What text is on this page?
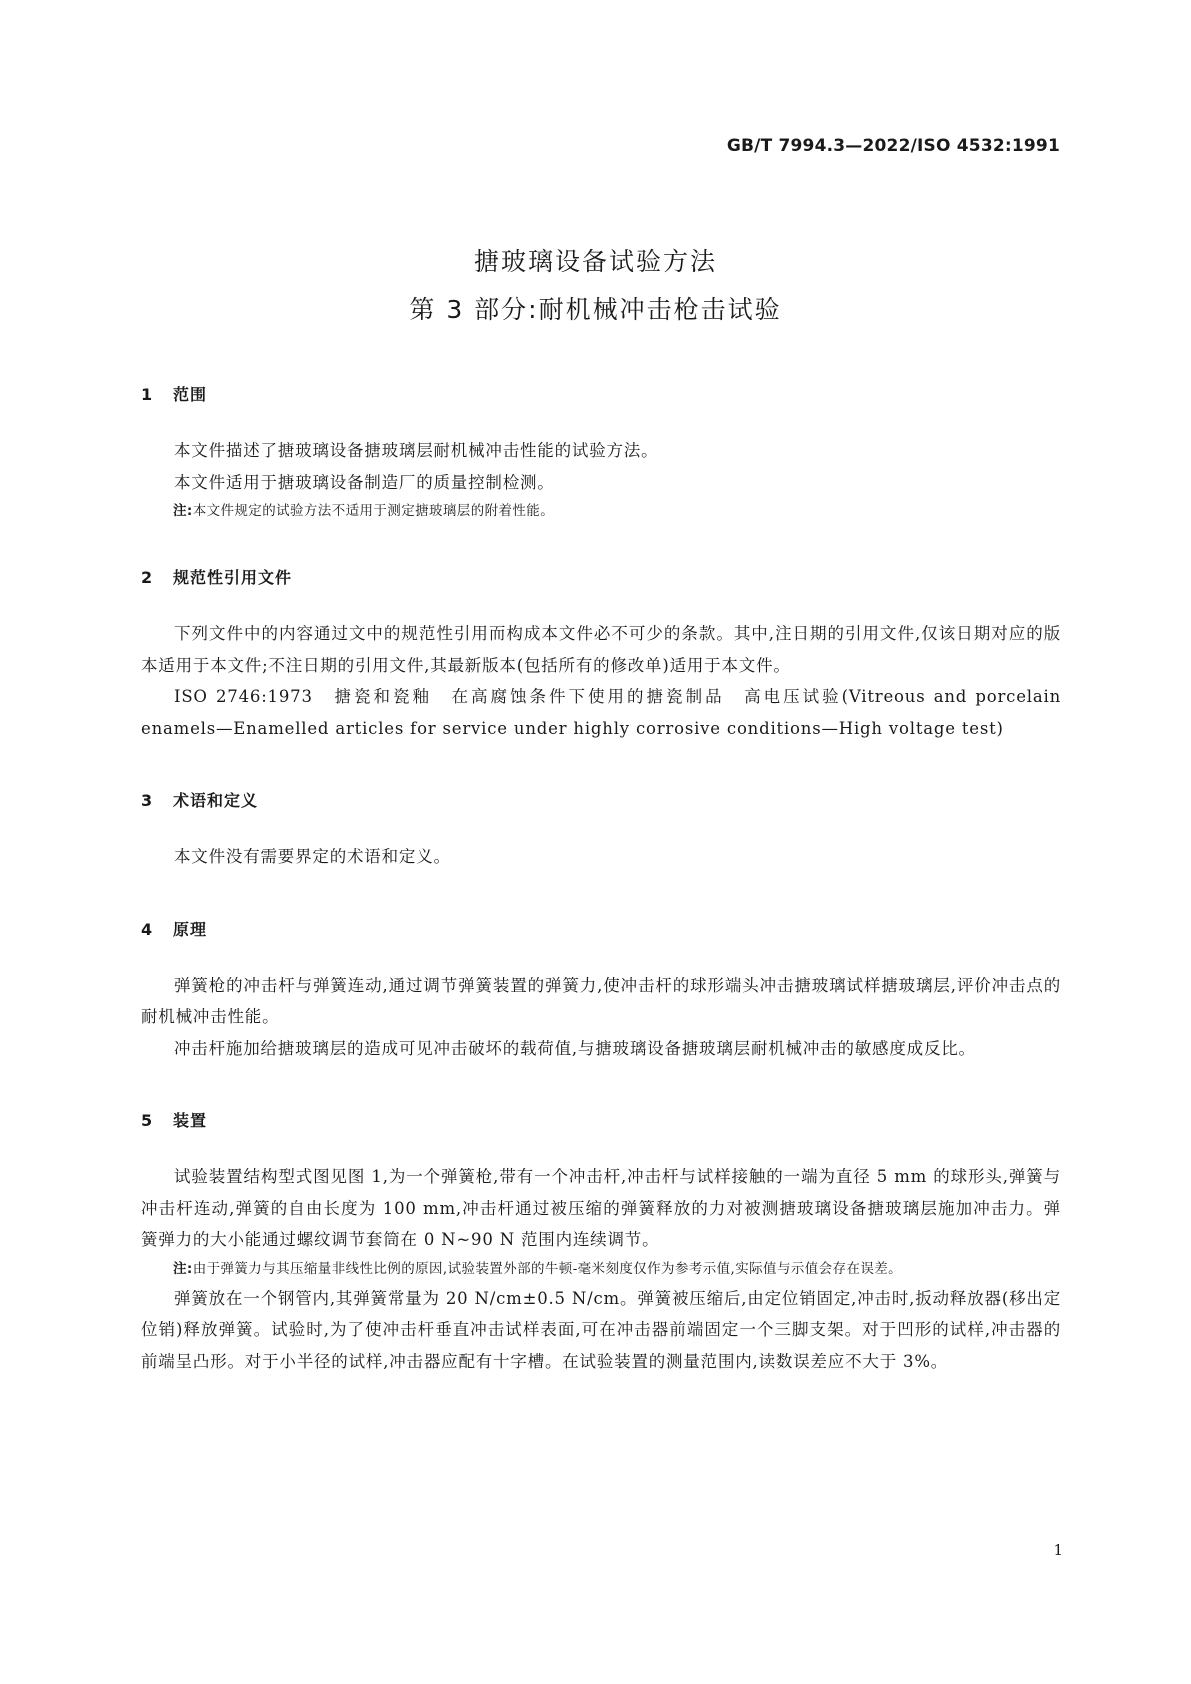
GB/T 7994.3—2022/ISO 4532:1991
搪玻璃设备试验方法
第 3 部分:耐机械冲击枪击试验
1 范围

本文件描述了搪玻璃设备搪玻璃层耐机械冲击性能的试验方法。

本文件适用于搪玻璃设备制造厂的质量控制检测。

注:本文件规定的试验方法不适用于测定搪玻璃层的附着性能。

2 规范性引用文件

下列文件中的内容通过文中的规范性引用而构成本文件必不可少的条款。其中,注日期的引用文件,仅该日期对应的版本适用于本文件;不注日期的引用文件,其最新版本(包括所有的修改单)适用于本文件。

ISO 2746:1973　搪瓷和瓷釉　在高腐蚀条件下使用的搪瓷制品　高电压试验(Vitreous and porcelain enamels—Enamelled articles for service under highly corrosive conditions—High voltage test)

3 术语和定义

本文件没有需要界定的术语和定义。

4 原理

弹簧枪的冲击杆与弹簧连动,通过调节弹簧装置的弹簧力,使冲击杆的球形端头冲击搪玻璃试样搪玻璃层,评价冲击点的耐机械冲击性能。

冲击杆施加给搪玻璃层的造成可见冲击破坏的载荷值,与搪玻璃设备搪玻璃层耐机械冲击的敏感度成反比。

5 装置

试验装置结构型式图见图 1,为一个弹簧枪,带有一个冲击杆,冲击杆与试样接触的一端为直径 5 mm 的球形头,弹簧与冲击杆连动,弹簧的自由长度为 100 mm,冲击杆通过被压缩的弹簧释放的力对被测搪玻璃设备搪玻璃层施加冲击力。弹簧弹力的大小能通过螺纹调节套筒在 0 N~90 N 范围内连续调节。

注:由于弹簧力与其压缩量非线性比例的原因,试验装置外部的牛顿-毫米刻度仅作为参考示值,实际值与示值会存在误差。

弹簧放在一个钢管内,其弹簧常量为 20 N/cm±0.5 N/cm。弹簧被压缩后,由定位销固定,冲击时,扳动释放器(移出定位销)释放弹簧。试验时,为了使冲击杆垂直冲击试样表面,可在冲击器前端固定一个三脚支架。对于凹形的试样,冲击器的前端呈凸形。对于小半径的试样,冲击器应配有十字槽。在试验装置的测量范围内,读数误差应不大于 3%。

1
